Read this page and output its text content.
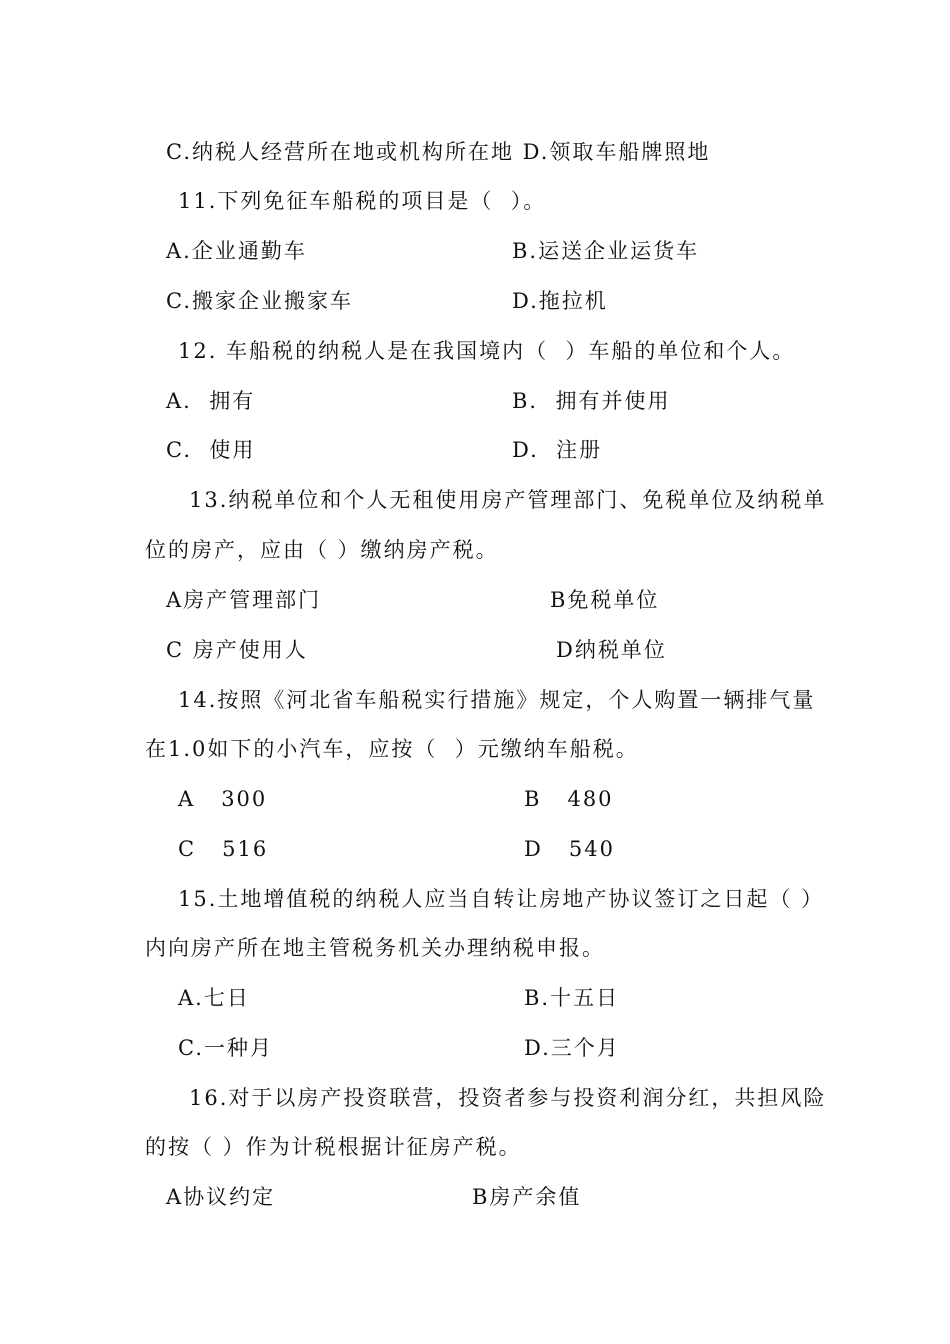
C.纳税人经营所在地或机构所在地 D.领取车船牌照地
11.下列免征车船税的项目是（  ）。
A.企业通勤车	B.运送企业运货车
C.搬家企业搬家车	D.拖拉机
12. 车船税的纳税人是在我国境内（  ）车船的单位和个人。
A.  拥有	B.  拥有并使用
C.  使用	D.  注册
13.纳税单位和个人无租使用房产管理部门、免税单位及纳税单
位的房产，应由（ ）缴纳房产税。
A房产管理部门	B免税单位
C 房产使用人	D纳税单位
14.按照《河北省车船税实行措施》规定，个人购置一辆排气量
在1.0如下的小汽车，应按（  ）元缴纳车船税。
A   300	B   480
C   516	D   540
15.土地增值税的纳税人应当自转让房地产协议签订之日起（ ）
内向房产所在地主管税务机关办理纳税申报。
A.七日	B.十五日
C.一种月	D.三个月
16.对于以房产投资联营，投资者参与投资利润分红，共担风险
的按（ ）作为计税根据计征房产税。
A协议约定	B房产余值
